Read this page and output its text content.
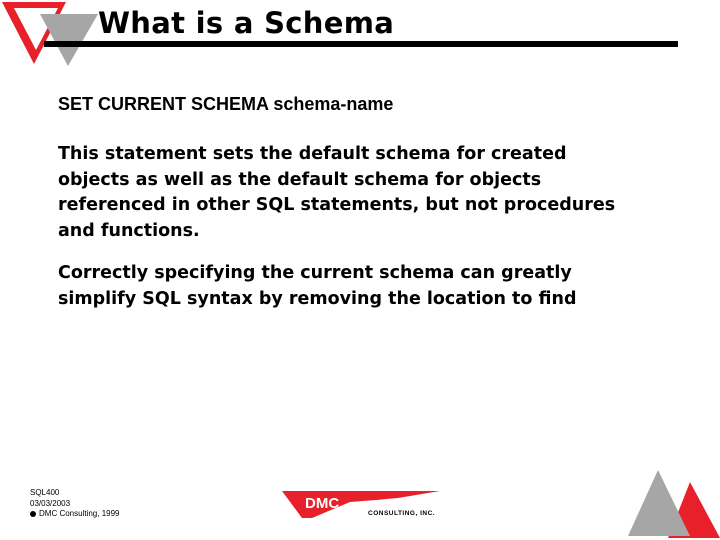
What is a Schema
SET CURRENT SCHEMA schema-name
This statement sets the default schema for created
objects as well as the default schema for objects
referenced in other SQL statements, but not procedures
and functions.
Correctly specifying the current schema can greatly
simplify SQL syntax by removing the location to find
SQL400
03/03/2003
DMC Consulting, 1999
DMC
CONSULTING, INC.
